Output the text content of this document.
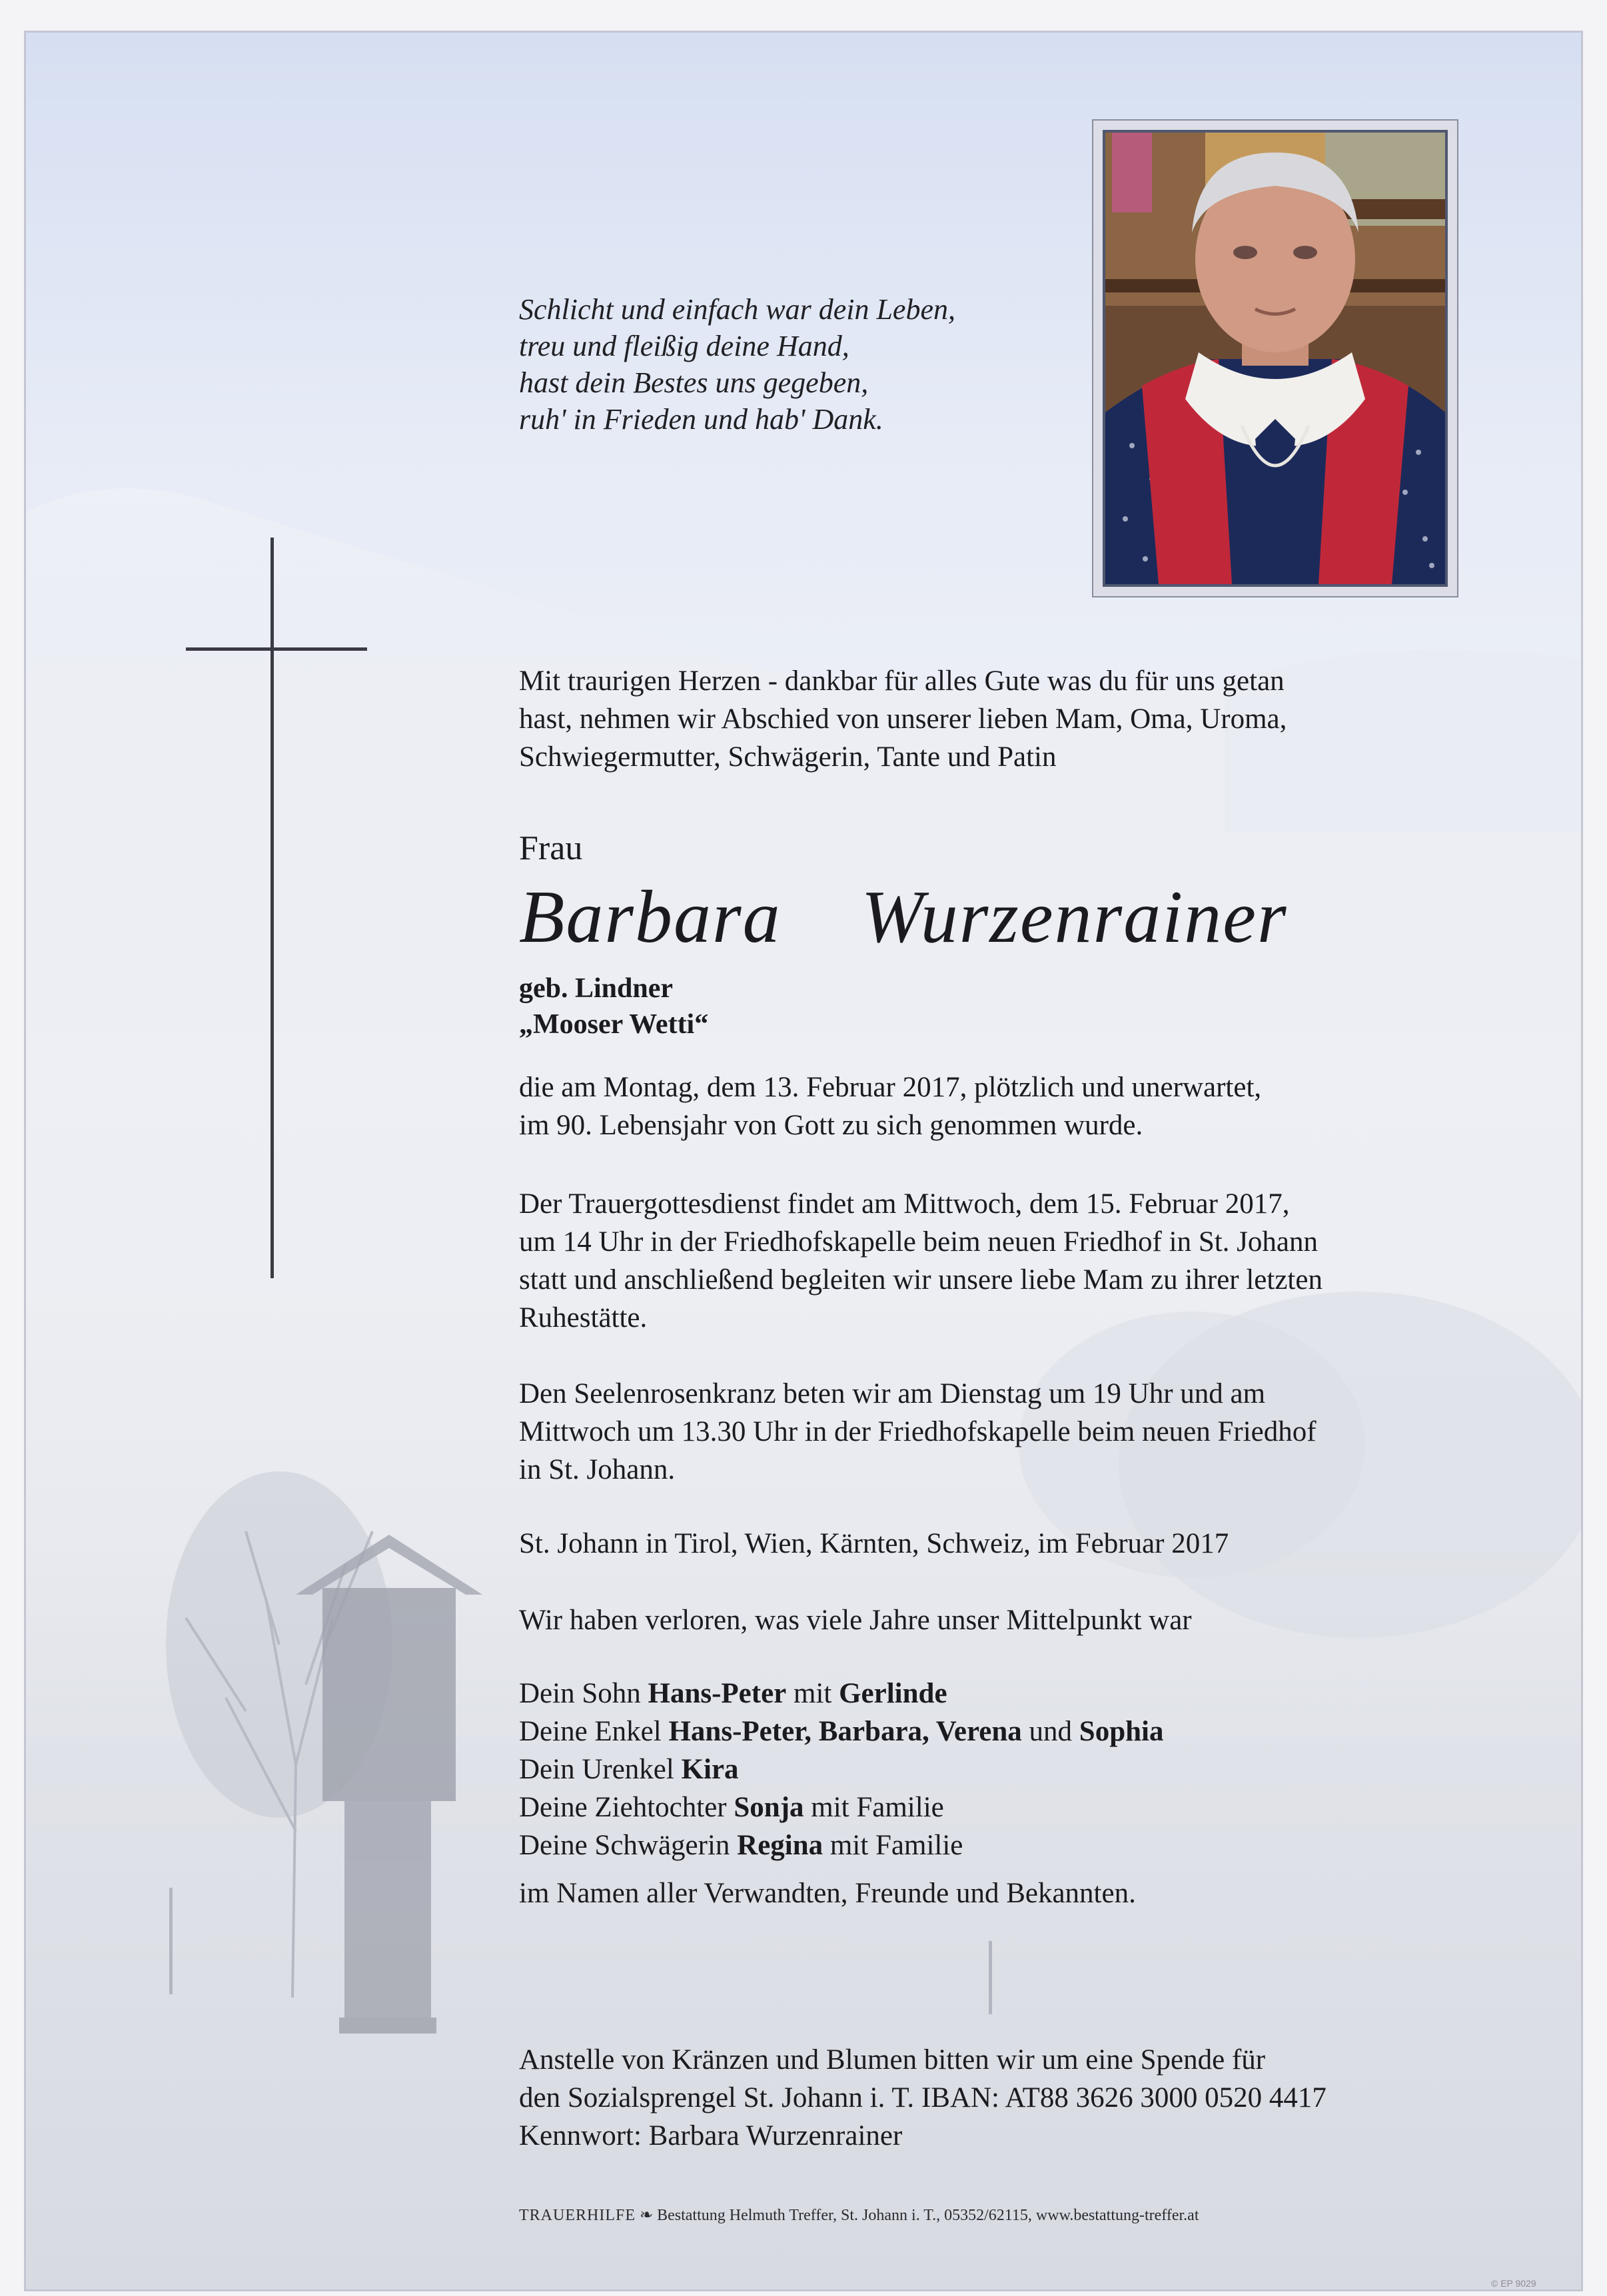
Schlicht und einfach war dein Leben,
treu und fleißig deine Hand,
hast dein Bestes uns gegeben,
ruh' in Frieden und hab' Dank.
Mit traurigen Herzen - dankbar für alles Gute was du für uns getan
hast, nehmen wir Abschied von unserer lieben Mam, Oma, Uroma,
Schwiegermutter, Schwägerin, Tante und Patin
Frau
Barbara  Wurzenrainer
geb. Lindner
„Mooser Wetti“
die am Montag, dem 13. Februar 2017, plötzlich und unerwartet,
im 90. Lebensjahr von Gott zu sich genommen wurde.
Der Trauergottesdienst findet am Mittwoch, dem 15. Februar 2017,
um 14 Uhr in der Friedhofskapelle beim neuen Friedhof in St. Johann
statt und anschließend begleiten wir unsere liebe Mam zu ihrer letzten
Ruhestätte.
Den Seelenrosenkranz beten wir am Dienstag um 19 Uhr und am
Mittwoch um 13.30 Uhr in der Friedhofskapelle beim neuen Friedhof
in St. Johann.
St. Johann in Tirol, Wien, Kärnten, Schweiz, im Februar 2017
Wir haben verloren, was viele Jahre unser Mittelpunkt war
Dein Sohn Hans-Peter mit Gerlinde
Deine Enkel Hans-Peter, Barbara, Verena und Sophia
Dein Urenkel Kira
Deine Ziehtochter Sonja mit Familie
Deine Schwägerin Regina mit Familie
im Namen aller Verwandten, Freunde und Bekannten.
Anstelle von Kränzen und Blumen bitten wir um eine Spende für
den Sozialsprengel St. Johann i. T. IBAN: AT88 3626 3000 0520 4417
Kennwort: Barbara Wurzenrainer
TRAUERHILFE ❧ Bestattung Helmuth Treffer, St. Johann i. T., 05352/62115, www.bestattung-treffer.at
© EP 9029
